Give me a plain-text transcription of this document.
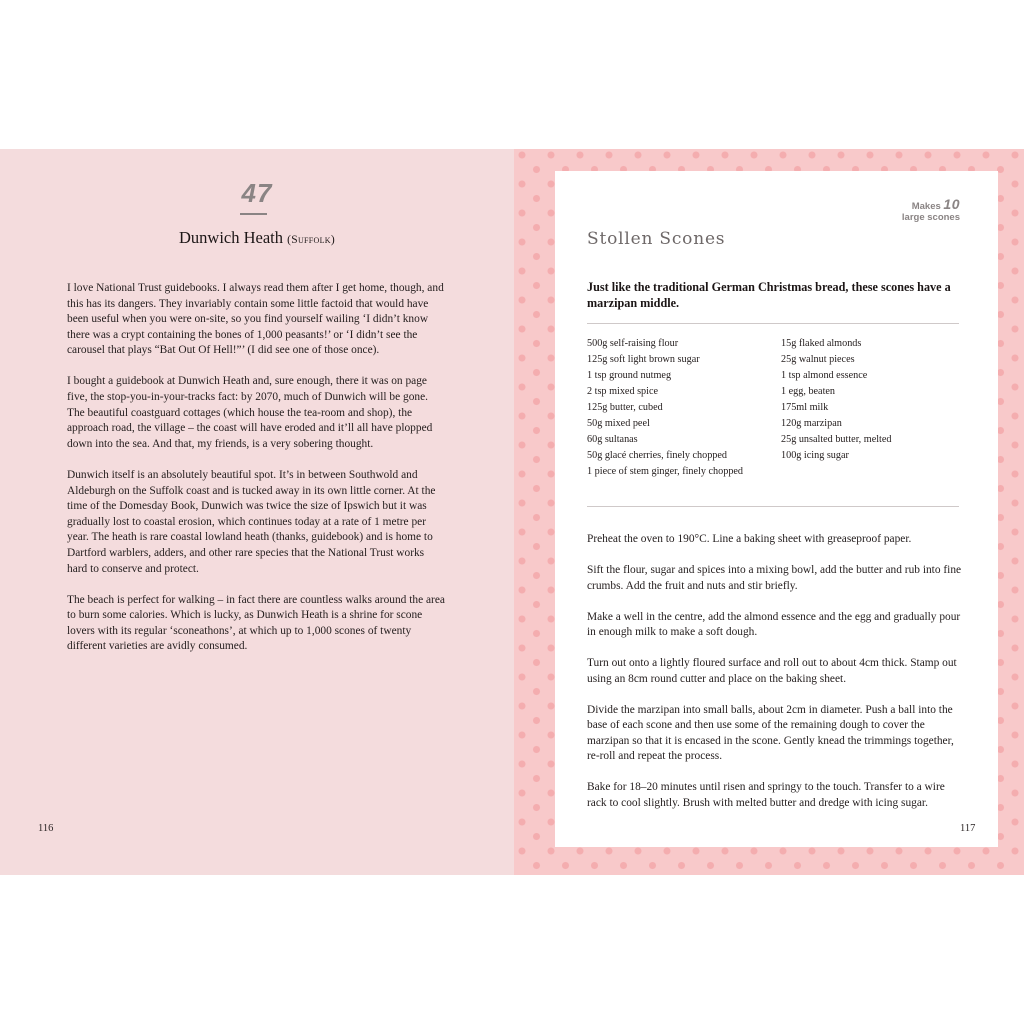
47
Dunwich Heath (Suffolk)

I love National Trust guidebooks. I always read them after I get home, though, and this has its dangers. They invariably contain some little factoid that would have been useful when you were on-site, so you find yourself wailing ‘I didn’t know there was a crypt containing the bones of 1,000 peasants!’ or ‘I didn’t see the carousel that plays “Bat Out Of Hell!”’ (I did see one of those once).

I bought a guidebook at Dunwich Heath and, sure enough, there it was on page five, the stop-you-in-your-tracks fact: by 2070, much of Dunwich will be gone. The beautiful coastguard cottages (which house the tea-room and shop), the approach road, the village – the coast will have eroded and it’ll all have plopped down into the sea. And that, my friends, is a very sobering thought.

Dunwich itself is an absolutely beautiful spot. It’s in between Southwold and Aldeburgh on the Suffolk coast and is tucked away in its own little corner. At the time of the Domesday Book, Dunwich was twice the size of Ipswich but it was gradually lost to coastal erosion, which continues today at a rate of 1 metre per year. The heath is rare coastal lowland heath (thanks, guidebook) and is home to Dartford warblers, adders, and other rare species that the National Trust works hard to conserve and protect.

The beach is perfect for walking – in fact there are countless walks around the area to burn some calories. Which is lucky, as Dunwich Heath is a shrine for scone lovers with its regular ‘sconeathons’, at which up to 1,000 scones of twenty different varieties are avidly consumed.

116
Makes 10
large scones
Stollen Scones
Just like the traditional German Christmas bread, these scones have a marzipan middle.
500g self-raising flour
125g soft light brown sugar
1 tsp ground nutmeg
2 tsp mixed spice
125g butter, cubed
50g mixed peel
60g sultanas
50g glacé cherries, finely chopped
1 piece of stem ginger, finely chopped
15g flaked almonds
25g walnut pieces
1 tsp almond essence
1 egg, beaten
175ml milk
120g marzipan
25g unsalted butter, melted
100g icing sugar

Preheat the oven to 190°C. Line a baking sheet with greaseproof paper.

Sift the flour, sugar and spices into a mixing bowl, add the butter and rub into fine crumbs. Add the fruit and nuts and stir briefly.

Make a well in the centre, add the almond essence and the egg and gradually pour in enough milk to make a soft dough.

Turn out onto a lightly floured surface and roll out to about 4cm thick. Stamp out using an 8cm round cutter and place on the baking sheet.

Divide the marzipan into small balls, about 2cm in diameter. Push a ball into the base of each scone and then use some of the remaining dough to cover the marzipan so that it is encased in the scone. Gently knead the trimmings together, re-roll and repeat the process.

Bake for 18–20 minutes until risen and springy to the touch. Transfer to a wire rack to cool slightly. Brush with melted butter and dredge with icing sugar.

117
